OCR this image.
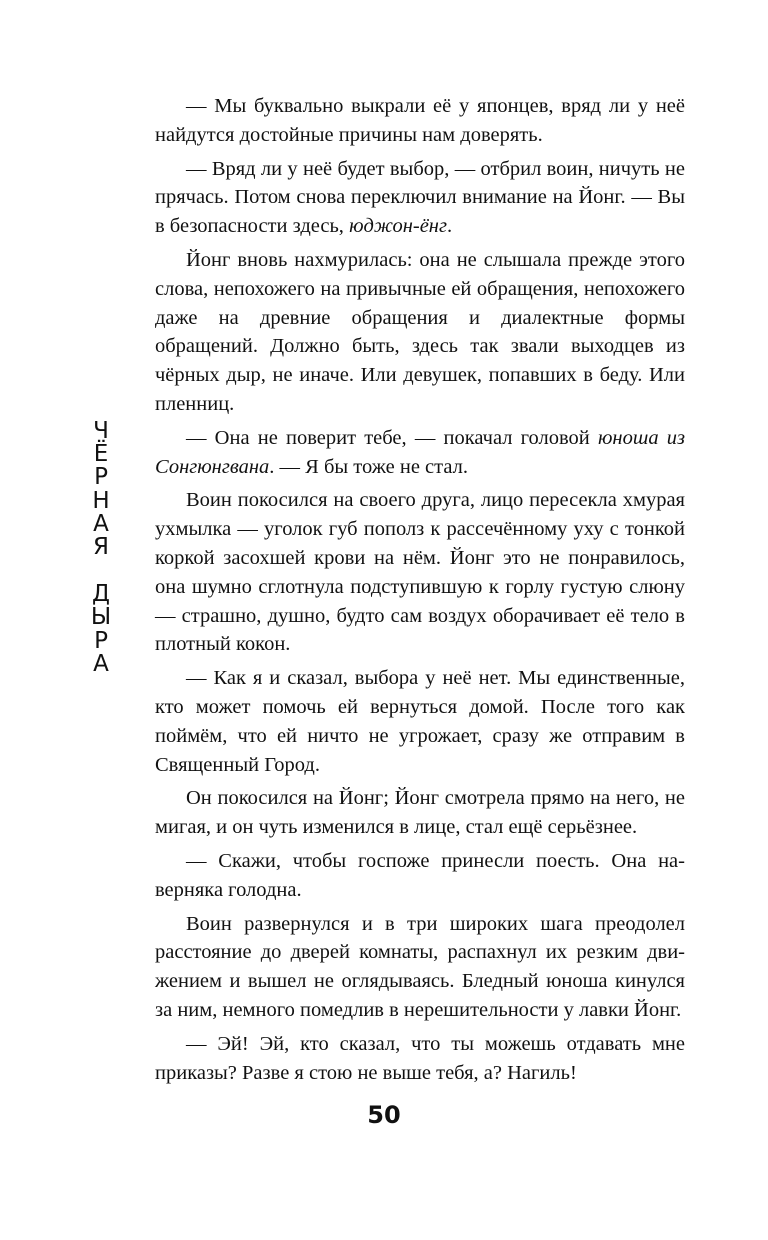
Ч
Ё
Р
Н
А
Я
Д
Ы
Р
А

— Мы буквально выкрали её у японцев, вряд ли у неё найдутся достойные причины нам доверять.

— Вряд ли у неё будет выбор, — отбрил воин, ничуть не прячась. Потом снова переключил внимание на Йонг. — Вы в безопасности здесь, юджон-ёнг.

Йонг вновь нахмурилась: она не слышала прежде этого слова, непохожего на привычные ей обращения, непохожего даже на древние обращения и диалектные формы обращений. Должно быть, здесь так звали выходцев из чёрных дыр, не иначе. Или девушек, попавших в беду. Или пленниц.

— Она не поверит тебе, — покачал головой юноша из Сонгюнгвана. — Я бы тоже не стал.

Воин покосился на своего друга, лицо пересекла хмурая ухмылка — уголок губ пополз к рассечённому уху с тонкой коркой засохшей крови на нём. Йонг это не понравилось, она шумно сглотнула подступившую к горлу густую слюну — страшно, душно, будто сам воздух оборачивает её тело в плотный кокон.

— Как я и сказал, выбора у неё нет. Мы единственные, кто может помочь ей вернуться домой. После того как поймём, что ей ничто не угрожает, сразу же отправим в Священный Город.

Он покосился на Йонг; Йонг смотрела прямо на него, не мигая, и он чуть изменился в лице, стал ещё серьёзнее.

— Скажи, чтобы госпоже принесли поесть. Она наверняка голодна.

Воин развернулся и в три широких шага преодолел расстояние до дверей комнаты, распахнул их резким движением и вышел не оглядываясь. Бледный юноша кинулся за ним, немного помедлив в нерешительности у лавки Йонг.

— Эй! Эй, кто сказал, что ты можешь отдавать мне приказы? Разве я стою не выше тебя, а? Нагиль!

50
